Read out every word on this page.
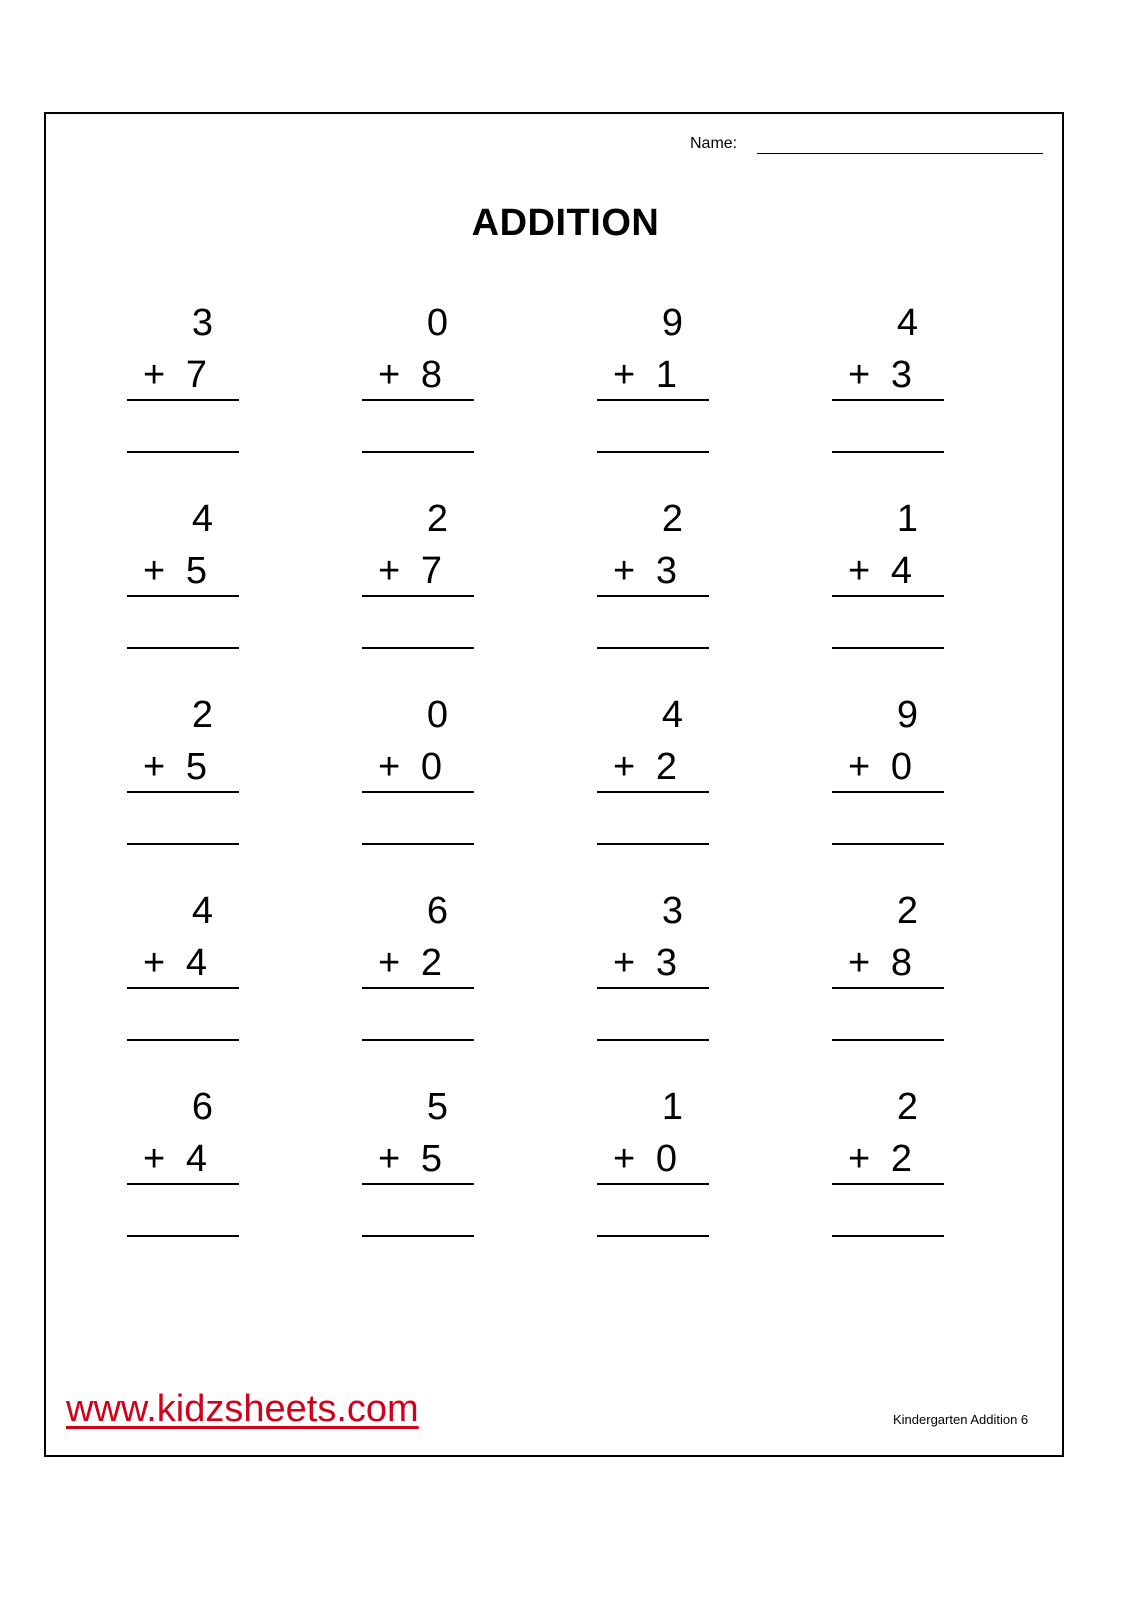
Name:
ADDITION
3
+ 7
0
+ 8
9
+ 1
4
+ 3
4
+ 5
2
+ 7
2
+ 3
1
+ 4
2
+ 5
0
+ 0
4
+ 2
9
+ 0
4
+ 4
6
+ 2
3
+ 3
2
+ 8
6
+ 4
5
+ 5
1
+ 0
2
+ 2
www.kidzsheets.com	Kindergarten Addition 6
